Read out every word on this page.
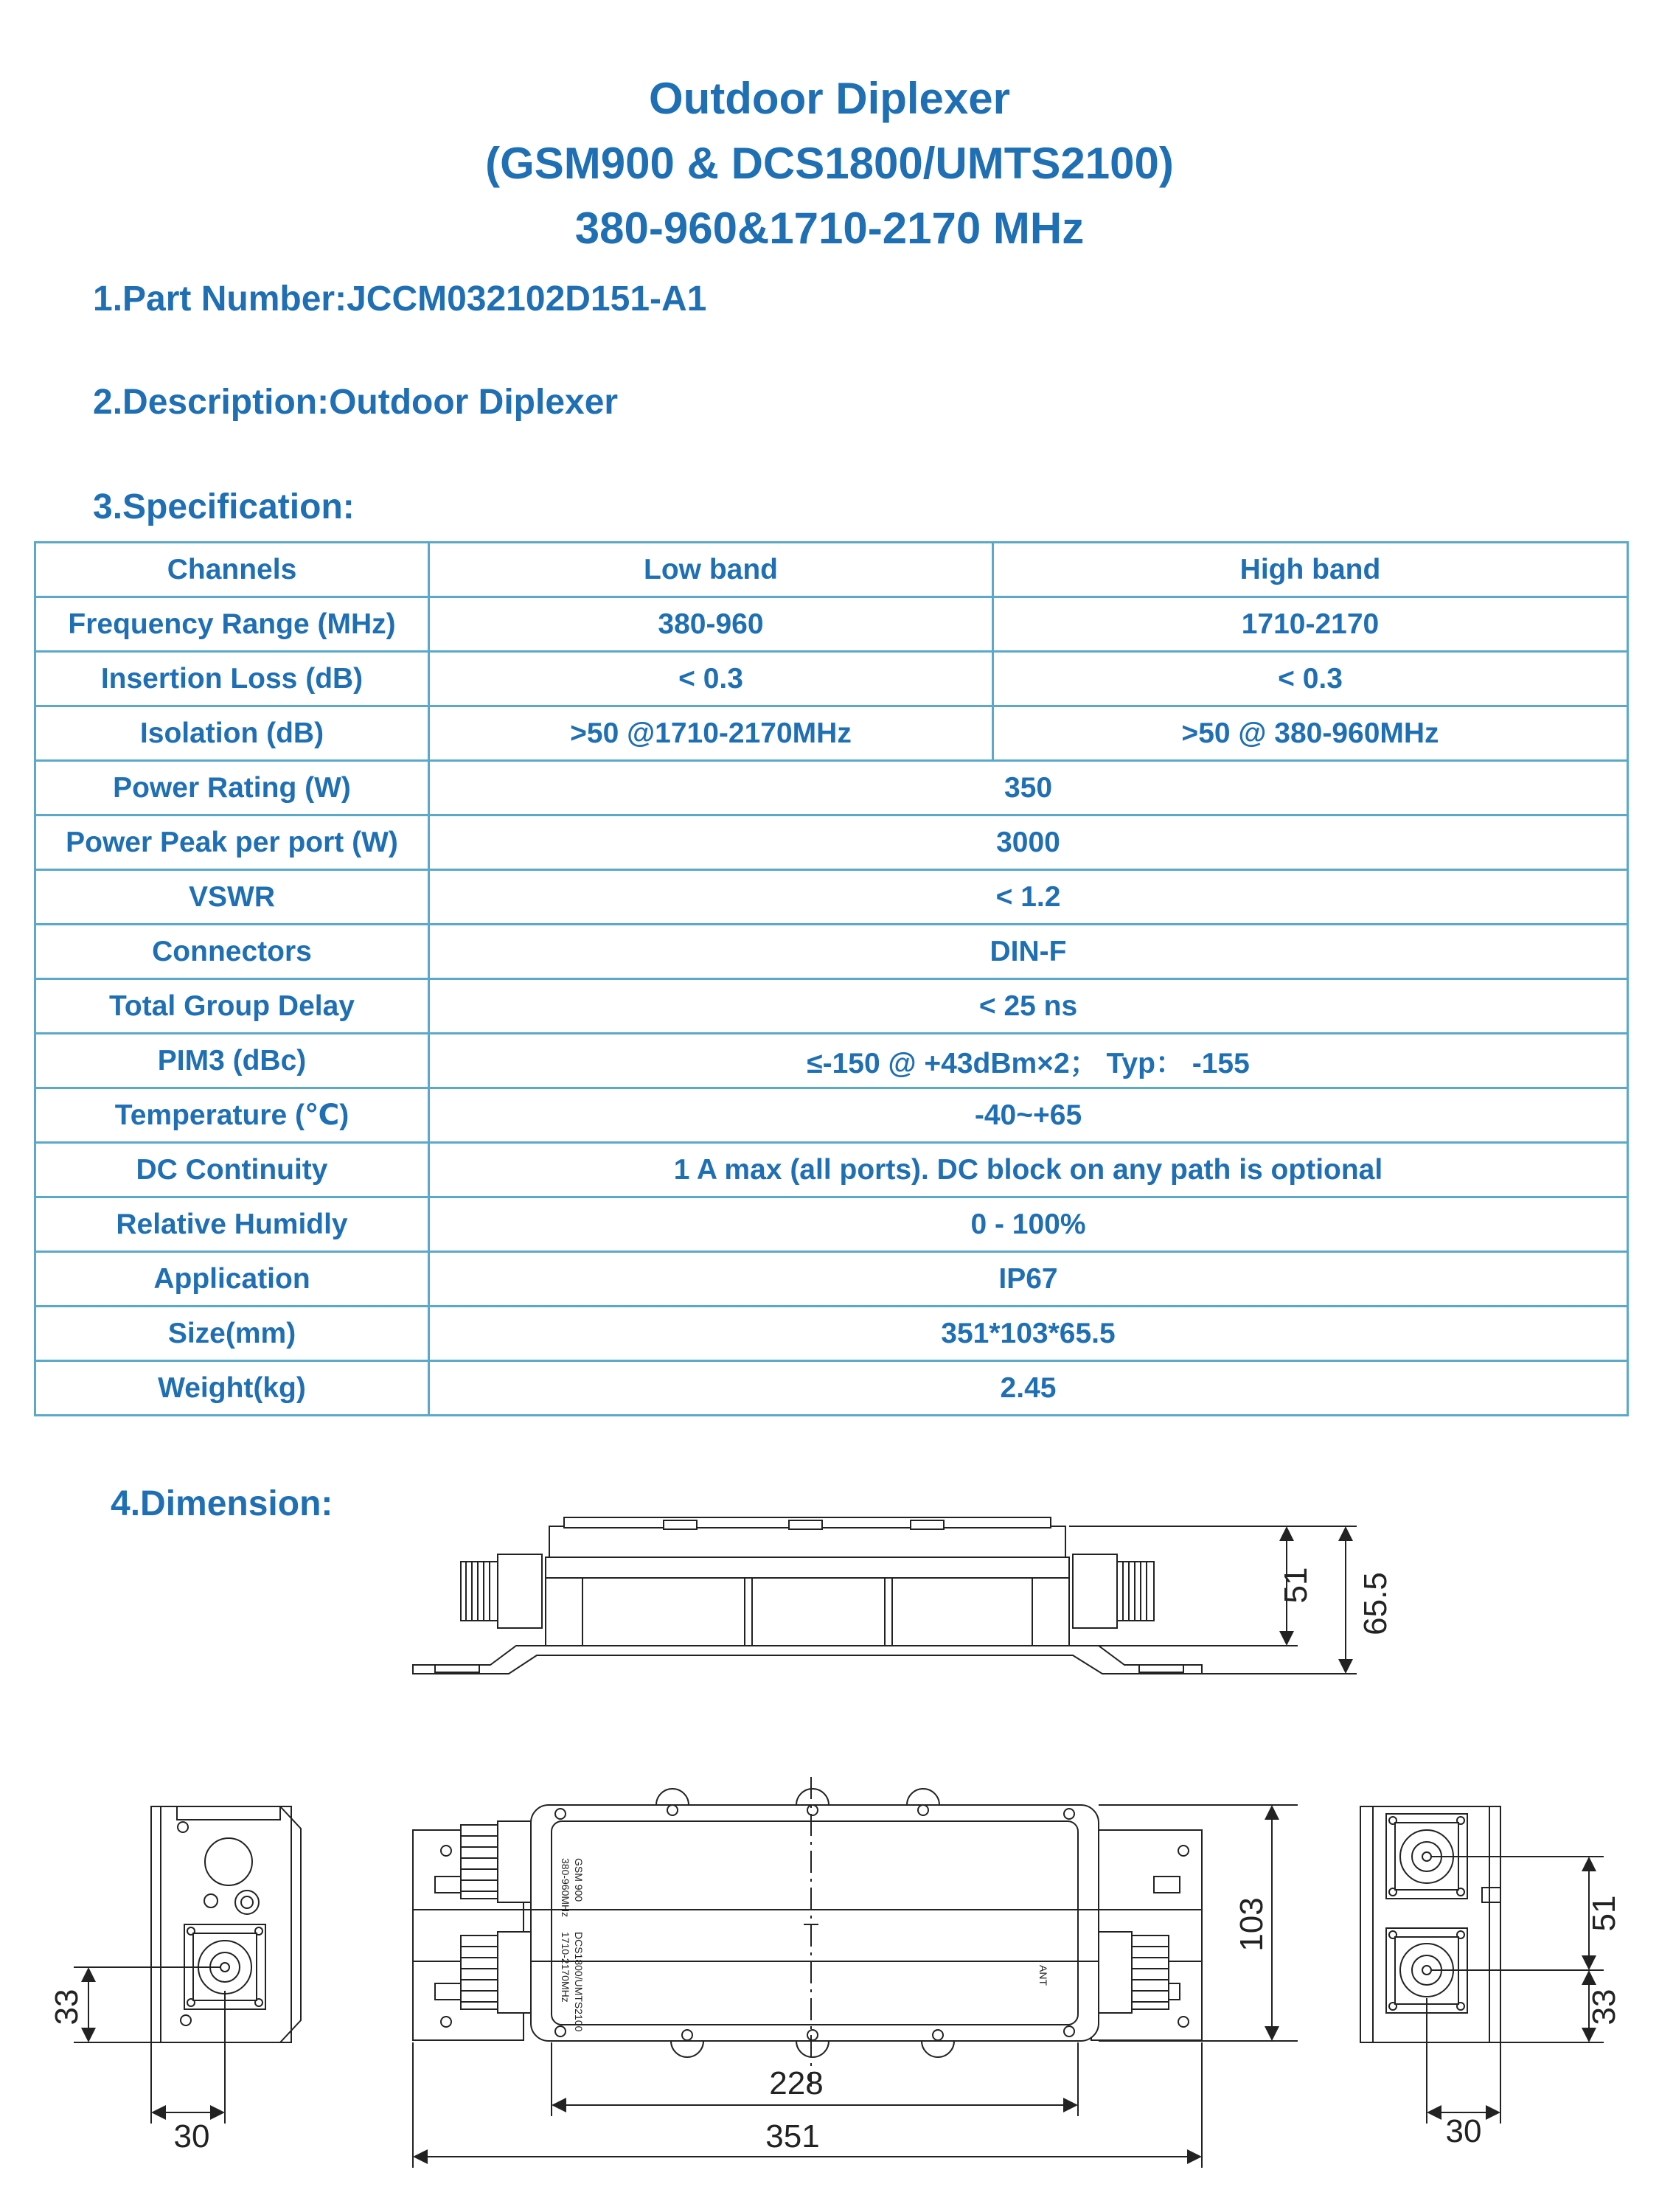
Outdoor Diplexer
(GSM900 & DCS1800/UMTS2100)
380-960&1710-2170 MHz
1.Part Number:JCCM032102D151-A1
2.Description:Outdoor Diplexer
3.Specification:
4.Dimension:
Channels	Low band	High band
Frequency Range (MHz)	380-960	1710-2170
Insertion Loss (dB)	< 0.3	< 0.3
Isolation (dB)	>50 @1710-2170MHz	>50 @ 380-960MHz
Power Rating (W)	350	
Power Peak per port (W)	3000	
VSWR	< 1.2	
Connectors	DIN-F	
Total Group Delay	< 25 ns	
PIM3 (dBc)	≤-150 @ +43dBm×2； Typ： -155	
Temperature (℃)	-40~+65	
DC Continuity	1 A max (all ports). DC block on any path is optional	
Relative Humidly	0 - 100%	
Application	IP67	
Size(mm)	351*103*65.5	
Weight(kg)	2.45	
51 65.5
GSM 900
380-960MHz
DCS1800/UMTS2100
1710-2170MHz	ANT
103
228
351
33
30
51
33
30
